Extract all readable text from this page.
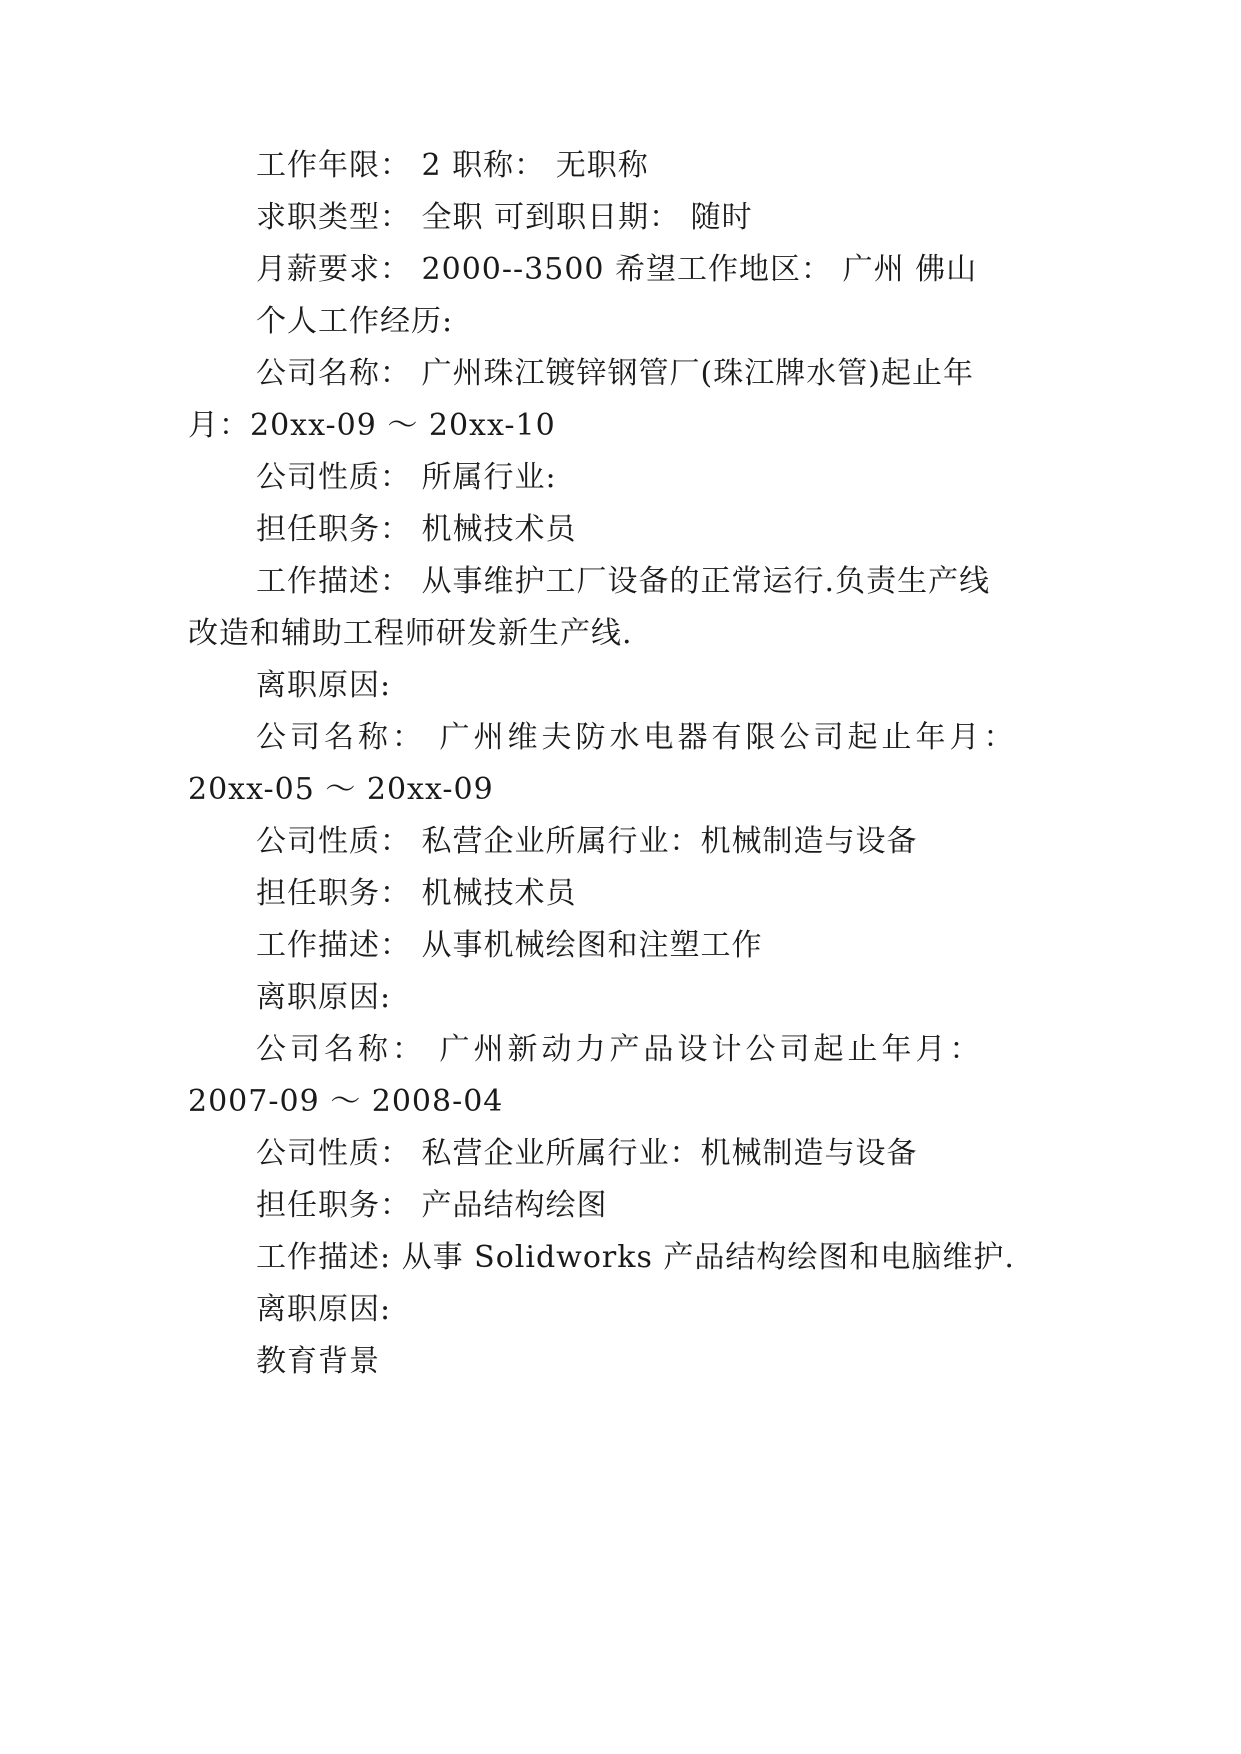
工作年限： 2 职称： 无职称
求职类型： 全职 可到职日期： 随时
月薪要求： 2000--3500 希望工作地区： 广州 佛山
个人工作经历:
公司名称： 广州珠江镀锌钢管厂(珠江牌水管)起止年
月：20xx-09 ～ 20xx-10
公司性质： 所属行业:
担任职务： 机械技术员
工作描述： 从事维护工厂设备的正常运行.负责生产线
改造和辅助工程师研发新生产线.
离职原因:
公司名称： 广州维夫防水电器有限公司起止年月：
20xx-05 ～ 20xx-09
公司性质： 私营企业所属行业：机械制造与设备
担任职务： 机械技术员
工作描述： 从事机械绘图和注塑工作
离职原因:
公司名称： 广州新动力产品设计公司起止年月：
2007-09 ～ 2008-04
公司性质： 私营企业所属行业：机械制造与设备
担任职务： 产品结构绘图
工作描述: 从事 Solidworks 产品结构绘图和电脑维护.
离职原因:
教育背景
